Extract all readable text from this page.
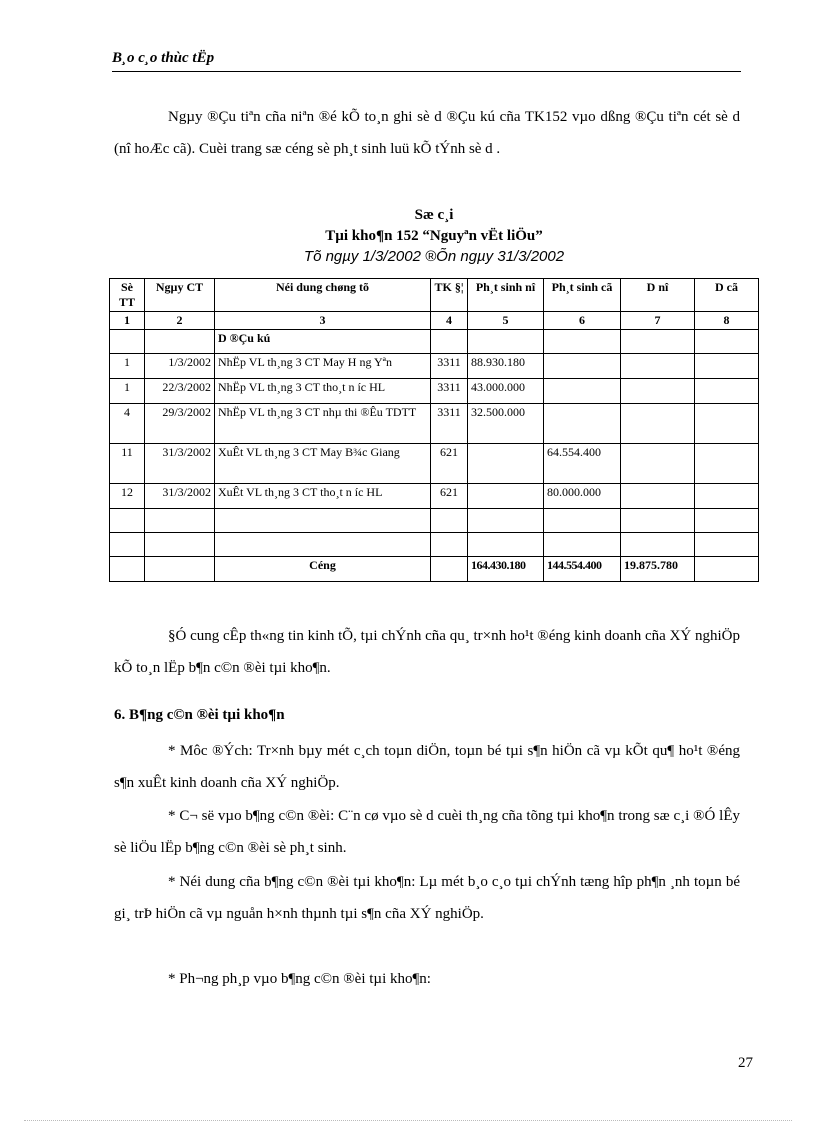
B¸o c¸o thùc tËp

Ngµy ®Çu tiªn cña niªn ®é kÕ to¸n ghi sè d ®Çu kú cña TK152 vµo dßng ®Çu tiªn cét sè d (nî hoÆc cã). Cuèi trang sæ céng sè ph¸t sinh luü kÕ tÝnh sè d .

Sæ c¸i

Tµi kho¶n 152 “Nguyªn vËt liÖu”

Tõ ngµy 1/3/2002 ®Õn ngµy 31/3/2002

Sè TT	Ngµy CT	Néi dung chøng tõ	TK §¦	Ph¸t sinh nî	Ph¸t sinh cã	D nî	D cã
1	2	3	4	5	6	7	8
		D ®Çu kú					
1	1/3/2002	NhËp VL th¸ng 3 CT May H ng Yªn	3311	88.930.180			
1	22/3/2002	NhËp VL th¸ng 3 CT tho¸t n íc HL	3311	43.000.000			
4	29/3/2002	NhËp VL th¸ng 3 CT nhµ thi ®Êu TDTT	3311	32.500.000			
11	31/3/2002	XuÊt VL th¸ng 3 CT May B¾c Giang	621		64.554.400		
12	31/3/2002	XuÊt VL th¸ng 3 CT tho¸t n íc HL	621		80.000.000		

		Céng		164.430.180	144.554.400	19.875.780	

§Ó cung cÊp th«ng tin kinh tÕ, tµi chÝnh cña qu¸ tr×nh ho¹t ®éng kinh doanh cña XÝ nghiÖp kÕ to¸n lËp b¶n c©n ®èi tµi kho¶n.

6. B¶ng c©n ®èi tµi kho¶n

* Môc ®Ých: Tr×nh bµy mét c¸ch toµn diÖn, toµn bé tµi s¶n hiÖn cã vµ kÕt qu¶ ho¹t ®éng s¶n xuÊt kinh doanh cña XÝ nghiÖp.

* C¬ së vµo b¶ng c©n ®èi: C¨n cø vµo sè d cuèi th¸ng cña tõng tµi kho¶n trong sæ c¸i ®Ó lÊy sè liÖu lËp b¶ng c©n ®èi sè ph¸t sinh.

* Néi dung cña b¶ng c©n ®èi tµi kho¶n: Lµ mét b¸o c¸o tµi chÝnh tæng hîp ph¶n ¸nh toµn bé gi¸ trÞ hiÖn cã vµ nguån h×nh thµnh tµi s¶n cña XÝ nghiÖp.

* Ph¬ng ph¸p vµo b¶ng c©n ®èi tµi kho¶n:

27
